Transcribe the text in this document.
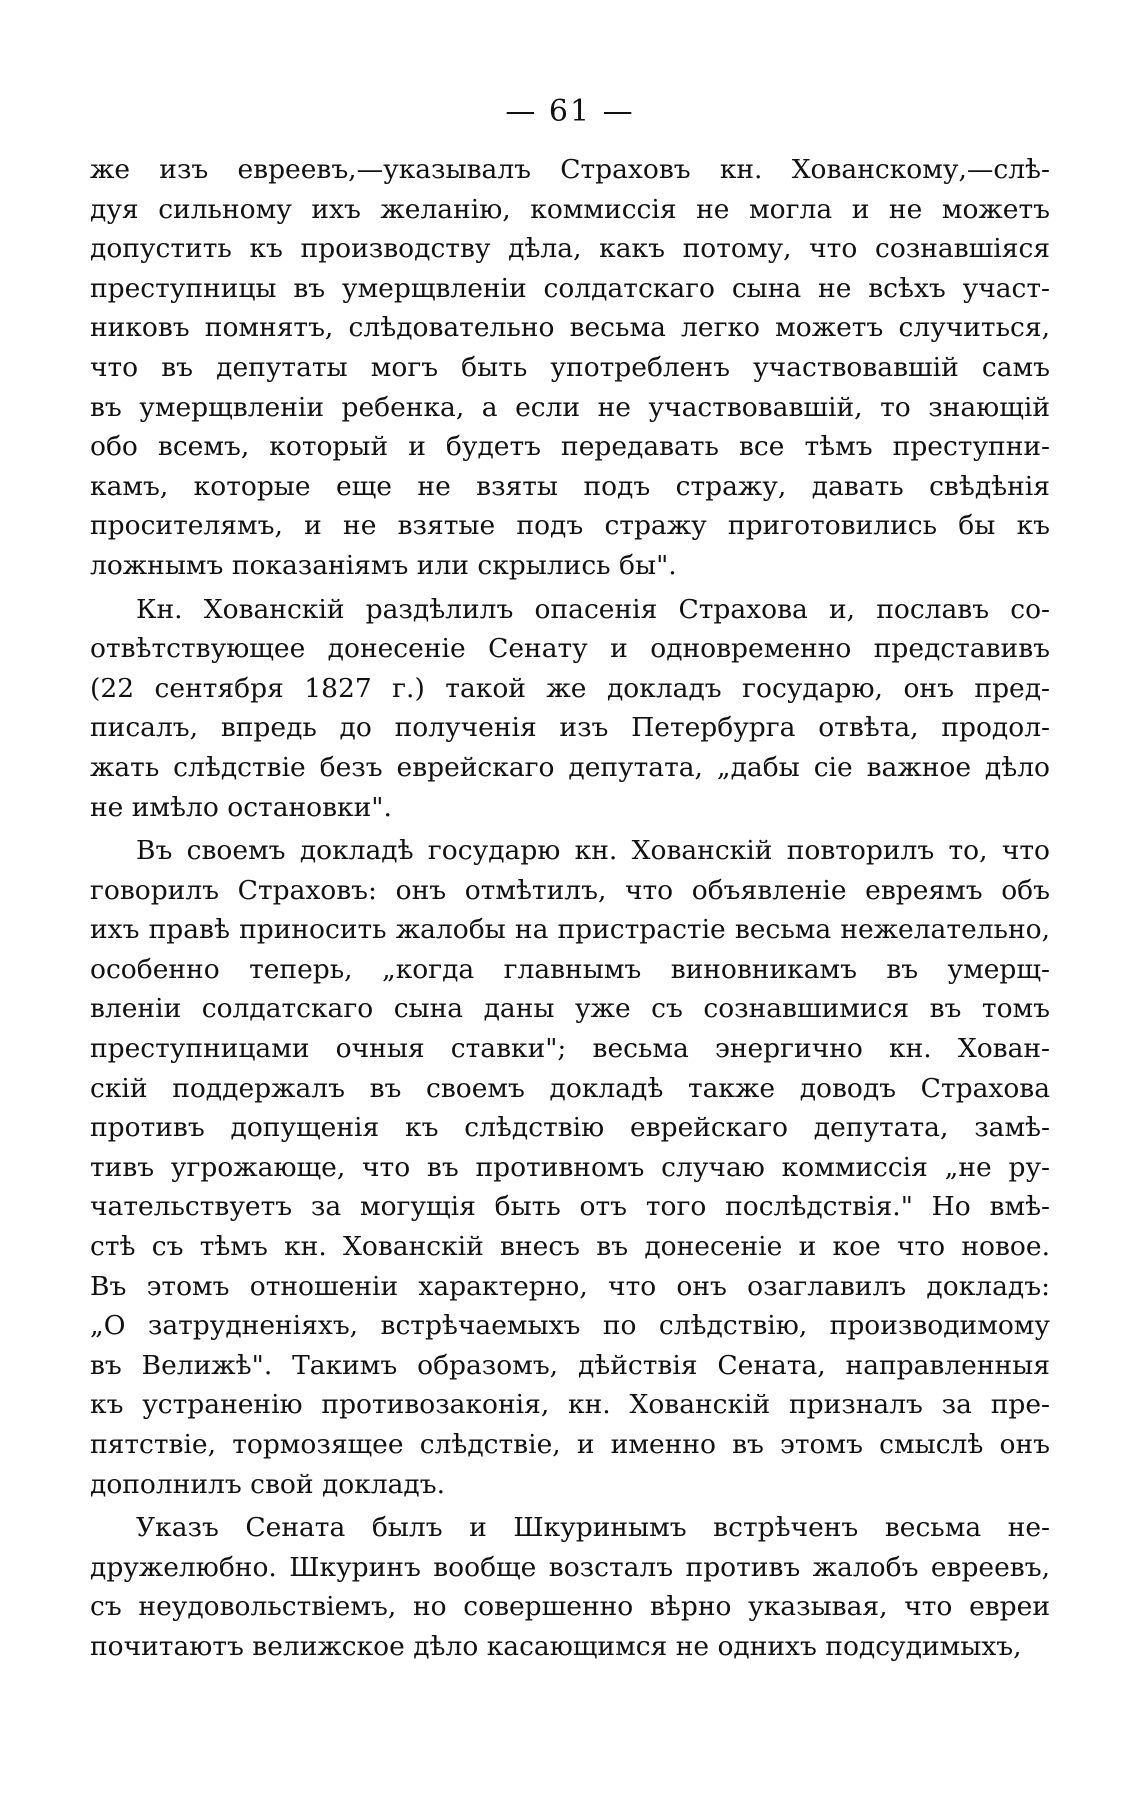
— 61 —
же изъ евреевъ,—указывалъ Страховъ кн. Хованскому,—слѣ-
дуя сильному ихъ желанію, коммиссія не могла и не можетъ
допустить къ производству дѣла, какъ потому, что сознавшіяся
преступницы въ умерщвленіи солдатскаго сына не всѣхъ участ-
никовъ помнятъ, слѣдовательно весьма легко можетъ случиться,
что въ депутаты могъ быть употребленъ участвовавшій самъ
въ умерщвленіи ребенка, а если не участвовавшій, то знающій
обо всемъ, который и будетъ передавать все тѣмъ преступни-
камъ, которые еще не взяты подъ стражу, давать свѣдѣнія
просителямъ, и не взятые подъ стражу приготовились бы къ
ложнымъ показаніямъ или скрылись бы".
Кн. Хованскій раздѣлилъ опасенія Страхова и, пославъ со-
отвѣтствующее донесеніе Сенату и одновременно представивъ
(22 сентября 1827 г.) такой же докладъ государю, онъ пред-
писалъ, впредь до полученія изъ Петербурга отвѣта, продол-
жать слѣдствіе безъ еврейскаго депутата, „дабы сіе важное дѣло
не имѣло остановки".
Въ своемъ докладѣ государю кн. Хованскій повторилъ то, что
говорилъ Страховъ: онъ отмѣтилъ, что объявленіе евреямъ объ
ихъ правѣ приносить жалобы на пристрастіе весьма нежелательно,
особенно теперь, „когда главнымъ виновникамъ въ умерщ-
вленіи солдатскаго сына даны уже съ сознавшимися въ томъ
преступницами очныя ставки"; весьма энергично кн. Хован-
скій поддержалъ въ своемъ докладѣ также доводъ Страхова
противъ допущенія къ слѣдствію еврейскаго депутата, замѣ-
тивъ угрожающе, что въ противномъ случаю коммиссія „не ру-
чательствуетъ за могущія быть отъ того послѣдствія." Но вмѣ-
стѣ съ тѣмъ кн. Хованскій внесъ въ донесеніе и кое что новое.
Въ этомъ отношеніи характерно, что онъ озаглавилъ докладъ:
„О затрудненіяхъ, встрѣчаемыхъ по слѣдствію, производимому
въ Велижѣ". Такимъ образомъ, дѣйствія Сената, направленныя
къ устраненію противозаконія, кн. Хованскій призналъ за пре-
пятствіе, тормозящее слѣдствіе, и именно въ этомъ смыслѣ онъ
дополнилъ свой докладъ.
Указъ Сената былъ и Шкуринымъ встрѣченъ весьма не-
дружелюбно. Шкуринъ вообще возсталъ противъ жалобъ евреевъ,
съ неудовольствіемъ, но совершенно вѣрно указывая, что евреи
почитаютъ велижское дѣло касающимся не однихъ подсудимыхъ,
